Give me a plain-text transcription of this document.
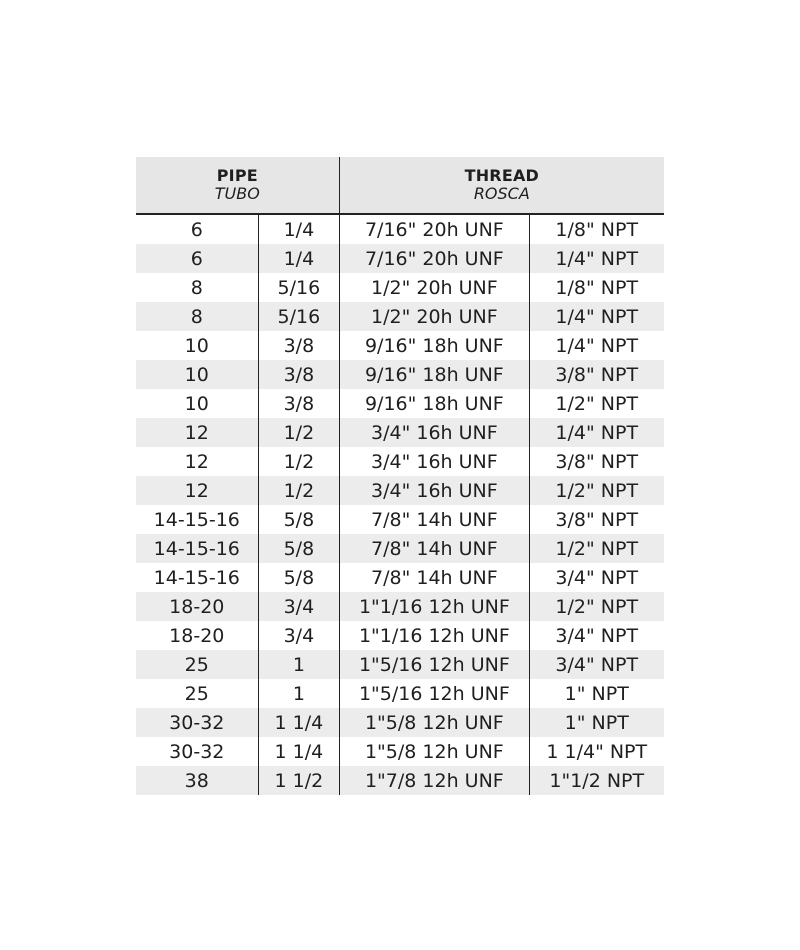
PIPE
TUBO
THREAD
ROSCA
6	1/4	7/16" 20h UNF	1/8" NPT
6	1/4	7/16" 20h UNF	1/4" NPT
8	5/16	1/2" 20h UNF	1/8" NPT
8	5/16	1/2" 20h UNF	1/4" NPT
10	3/8	9/16" 18h UNF	1/4" NPT
10	3/8	9/16" 18h UNF	3/8" NPT
10	3/8	9/16" 18h UNF	1/2" NPT
12	1/2	3/4" 16h UNF	1/4" NPT
12	1/2	3/4" 16h UNF	3/8" NPT
12	1/2	3/4" 16h UNF	1/2" NPT
14-15-16	5/8	7/8" 14h UNF	3/8" NPT
14-15-16	5/8	7/8" 14h UNF	1/2" NPT
14-15-16	5/8	7/8" 14h UNF	3/4" NPT
18-20	3/4	1"1/16 12h UNF	1/2" NPT
18-20	3/4	1"1/16 12h UNF	3/4" NPT
25	1	1"5/16 12h UNF	3/4" NPT
25	1	1"5/16 12h UNF	1" NPT
30-32	1 1/4	1"5/8 12h UNF	1" NPT
30-32	1 1/4	1"5/8 12h UNF	1 1/4" NPT
38	1 1/2	1"7/8 12h UNF	1"1/2 NPT
